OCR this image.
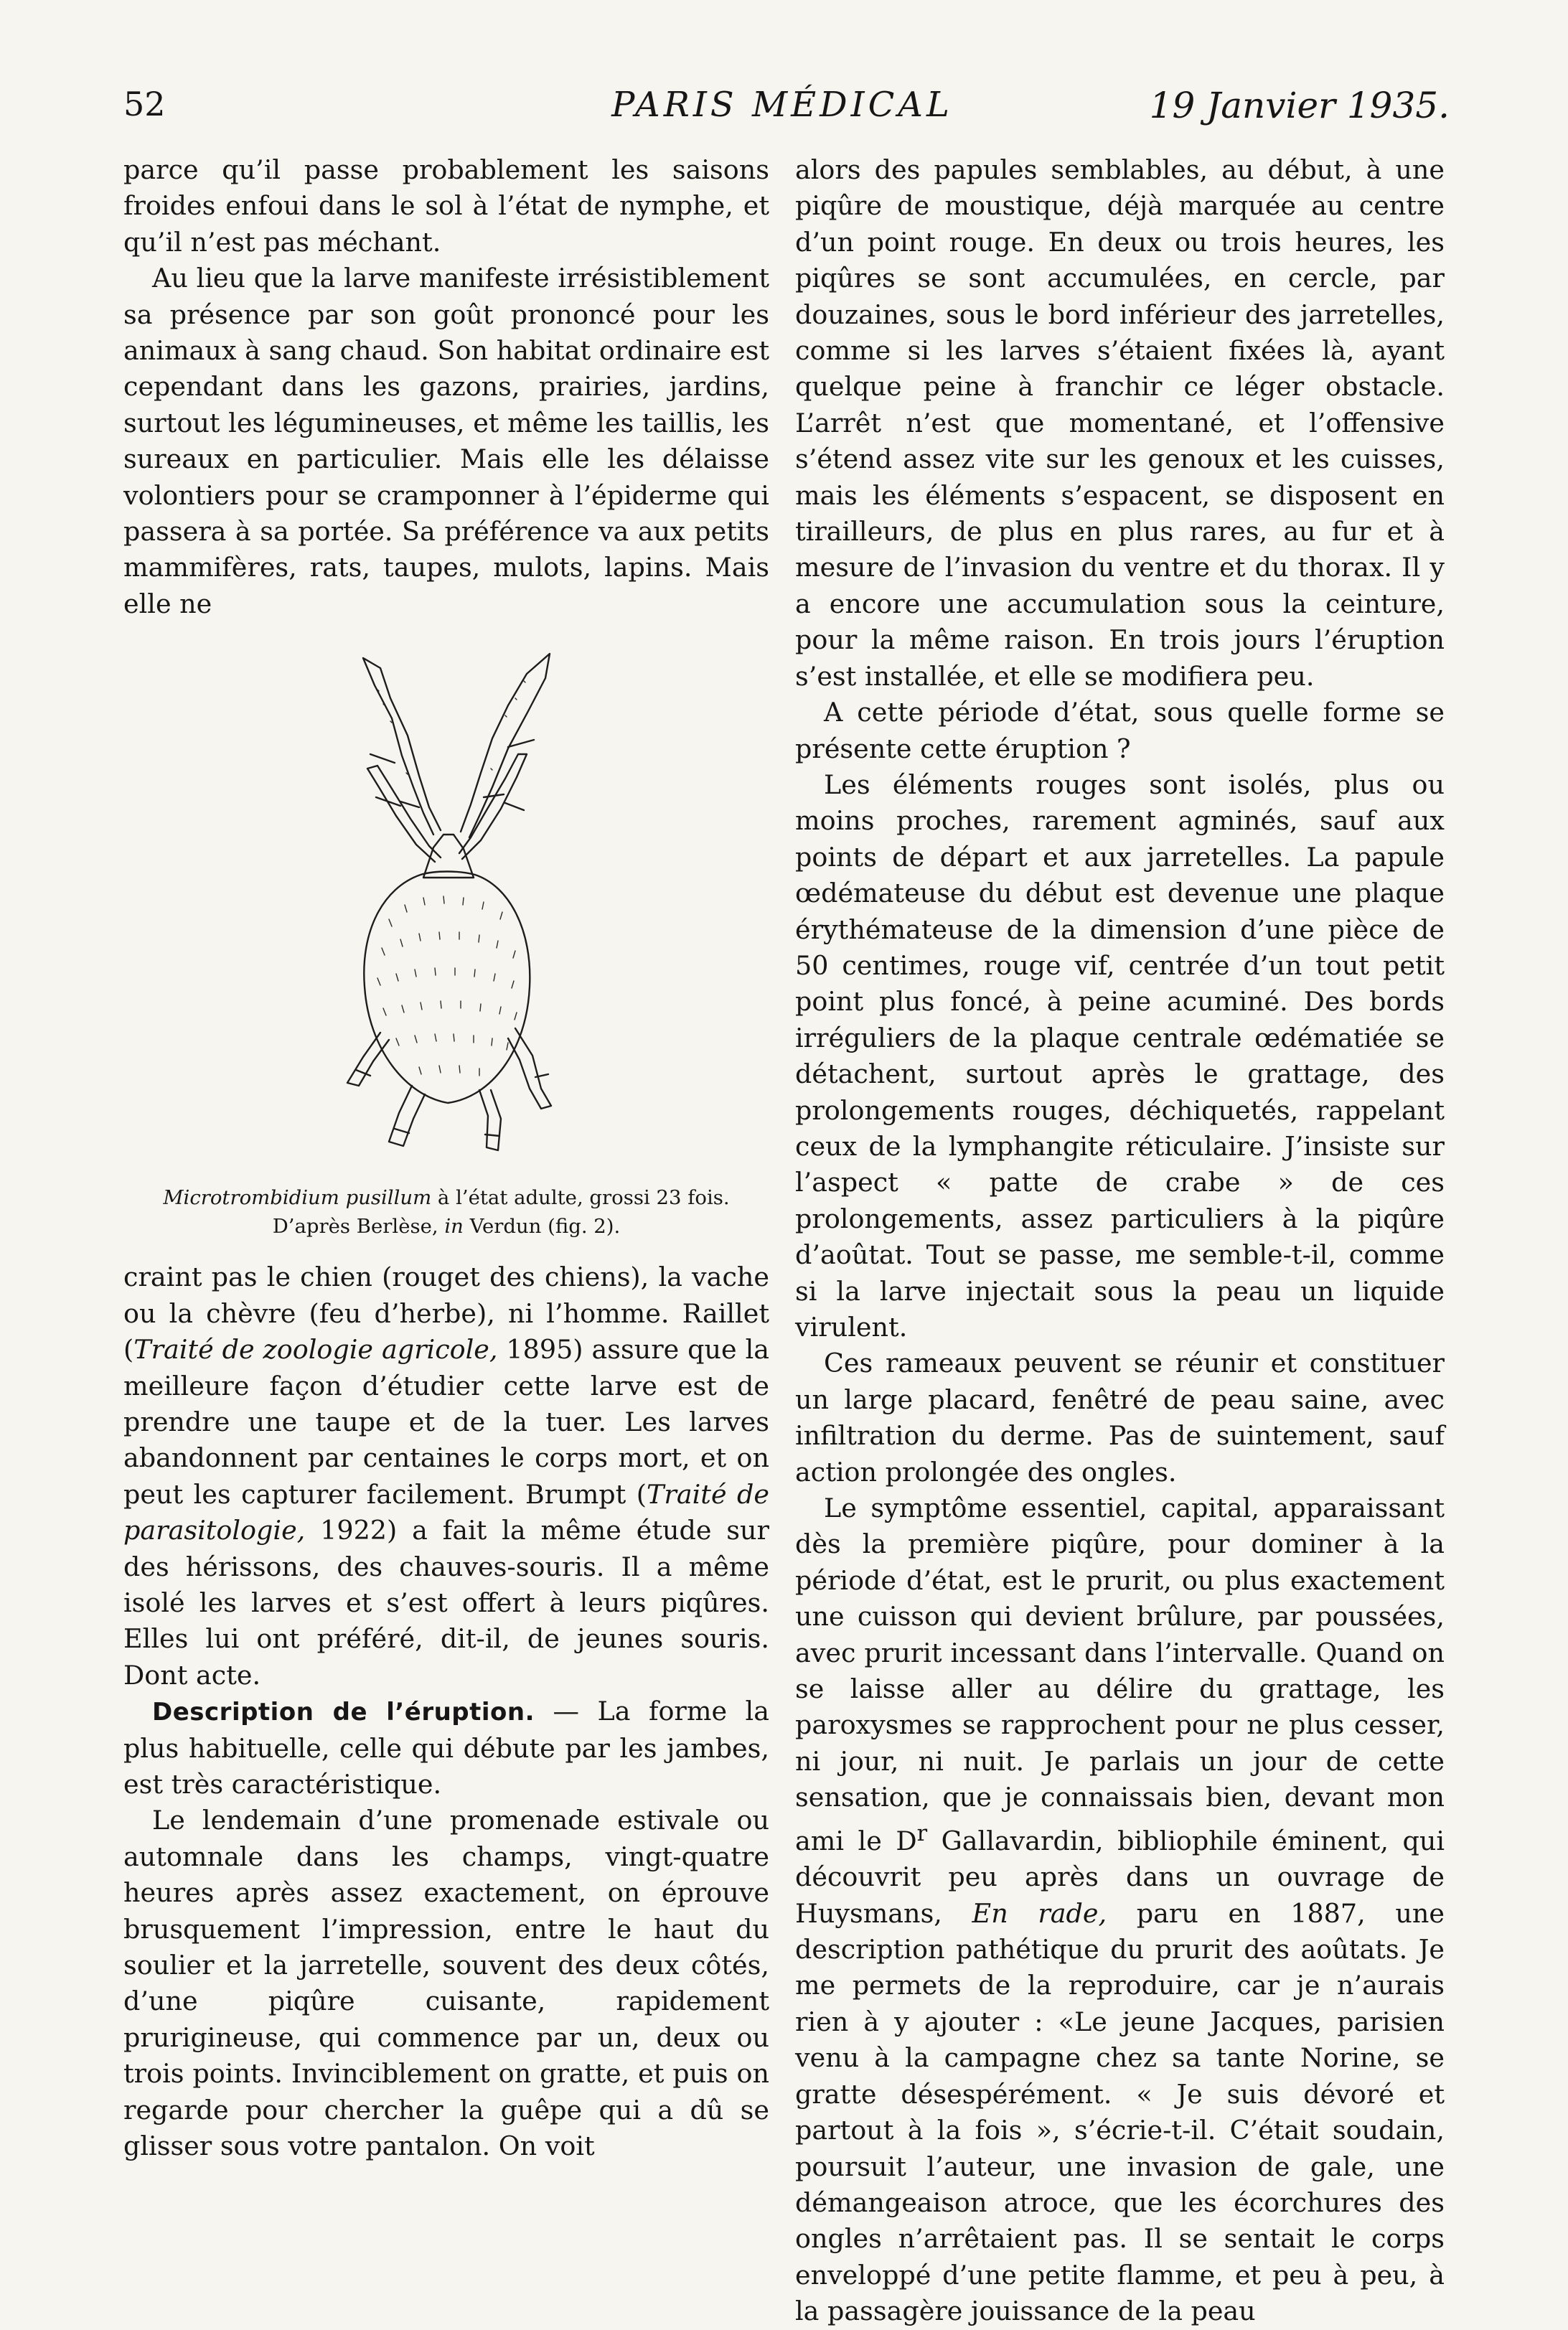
52	PARIS MÉDICAL	19 Janvier 1935.

parce qu’il passe probablement les saisons froides enfoui dans le sol à l’état de nymphe, et qu’il n’est pas méchant.

Au lieu que la larve manifeste irrésistiblement sa présence par son goût prononcé pour les animaux à sang chaud. Son habitat ordinaire est cependant dans les gazons, prairies, jardins, surtout les légumineuses, et même les taillis, les sureaux en particulier. Mais elle les délaisse volontiers pour se cramponner à l’épiderme qui passera à sa portée. Sa préférence va aux petits mammifères, rats, taupes, mulots, lapins. Mais elle ne

Microtrombidium pusillum à l’état adulte, grossi 23 fois.
D’après Berlèse, in Verdun (fig. 2).

craint pas le chien (rouget des chiens), la vache ou la chèvre (feu d’herbe), ni l’homme. Raillet (Traité de zoologie agricole, 1895) assure que la meilleure façon d’étudier cette larve est de prendre une taupe et de la tuer. Les larves abandonnent par centaines le corps mort, et on peut les capturer facilement. Brumpt (Traité de parasitologie, 1922) a fait la même étude sur des hérissons, des chauves-souris. Il a même isolé les larves et s’est offert à leurs piqûres. Elles lui ont préféré, dit-il, de jeunes souris. Dont acte.

Description de l’éruption. — La forme la plus habituelle, celle qui débute par les jambes, est très caractéristique.

Le lendemain d’une promenade estivale ou automnale dans les champs, vingt-quatre heures après assez exactement, on éprouve brusquement l’impression, entre le haut du soulier et la jarretelle, souvent des deux côtés, d’une piqûre cuisante, rapidement prurigineuse, qui commence par un, deux ou trois points. Invinciblement on gratte, et puis on regarde pour chercher la guêpe qui a dû se glisser sous votre pantalon. On voit

alors des papules semblables, au début, à une piqûre de moustique, déjà marquée au centre d’un point rouge. En deux ou trois heures, les piqûres se sont accumulées, en cercle, par douzaines, sous le bord inférieur des jarretelles, comme si les larves s’étaient fixées là, ayant quelque peine à franchir ce léger obstacle. L’arrêt n’est que momentané, et l’offensive s’étend assez vite sur les genoux et les cuisses, mais les éléments s’espacent, se disposent en tirailleurs, de plus en plus rares, au fur et à mesure de l’invasion du ventre et du thorax. Il y a encore une accumulation sous la ceinture, pour la même raison. En trois jours l’éruption s’est installée, et elle se modifiera peu.

A cette période d’état, sous quelle forme se présente cette éruption ?

Les éléments rouges sont isolés, plus ou moins proches, rarement agminés, sauf aux points de départ et aux jarretelles. La papule œdémateuse du début est devenue une plaque érythémateuse de la dimension d’une pièce de 50 centimes, rouge vif, centrée d’un tout petit point plus foncé, à peine acuminé. Des bords irréguliers de la plaque centrale œdématiée se détachent, surtout après le grattage, des prolongements rouges, déchiquetés, rappelant ceux de la lymphangite réticulaire. J’insiste sur l’aspect « patte de crabe » de ces prolongements, assez particuliers à la piqûre d’aoûtat. Tout se passe, me semble-t-il, comme si la larve injectait sous la peau un liquide virulent.

Ces rameaux peuvent se réunir et constituer un large placard, fenêtré de peau saine, avec infiltration du derme. Pas de suintement, sauf action prolongée des ongles.

Le symptôme essentiel, capital, apparaissant dès la première piqûre, pour dominer à la période d’état, est le prurit, ou plus exactement une cuisson qui devient brûlure, par poussées, avec prurit incessant dans l’intervalle. Quand on se laisse aller au délire du grattage, les paroxysmes se rapprochent pour ne plus cesser, ni jour, ni nuit. Je parlais un jour de cette sensation, que je connaissais bien, devant mon ami le $D^r$ Gallavardin, bibliophile éminent, qui découvrit peu après dans un ouvrage de Huysmans, En rade, paru en 1887, une description pathétique du prurit des aoûtats. Je me permets de la reproduire, car je n’aurais rien à y ajouter : «Le jeune Jacques, parisien venu à la campagne chez sa tante Norine, se gratte désespérément. « Je suis dévoré et partout à la fois », s’écrie-t-il. C’était soudain, poursuit l’auteur, une invasion de gale, une démangeaison atroce, que les écorchures des ongles n’arrêtaient pas. Il se sentait le corps enveloppé d’une petite flamme, et peu à peu, à la passagère jouissance de la peau
